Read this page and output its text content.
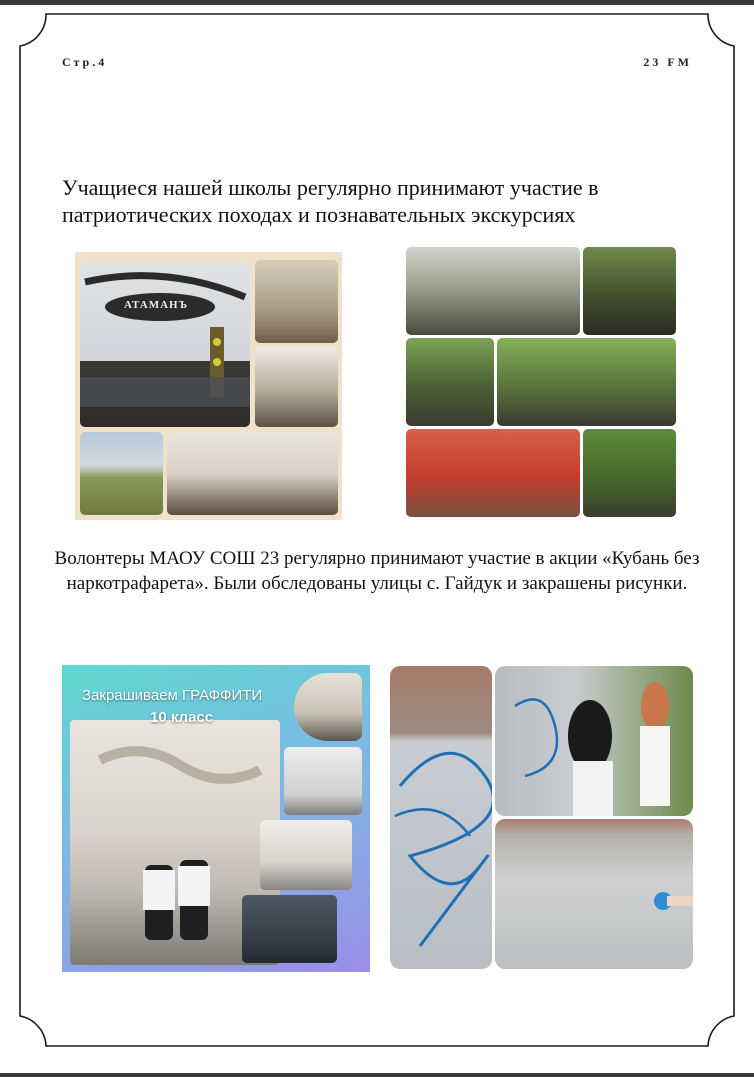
Стр.4	23 FM
Учащиеся нашей школы регулярно принимают участие в патриотических походах и познавательных экскурсиях
АТАМАНЪ
Волонтеры МАОУ СОШ 23 регулярно принимают участие в акции «Кубань без наркотрафарета». Были обследованы улицы с. Гайдук и закрашены рисунки.
Закрашиваем ГРАФФИТИ
10 класс
